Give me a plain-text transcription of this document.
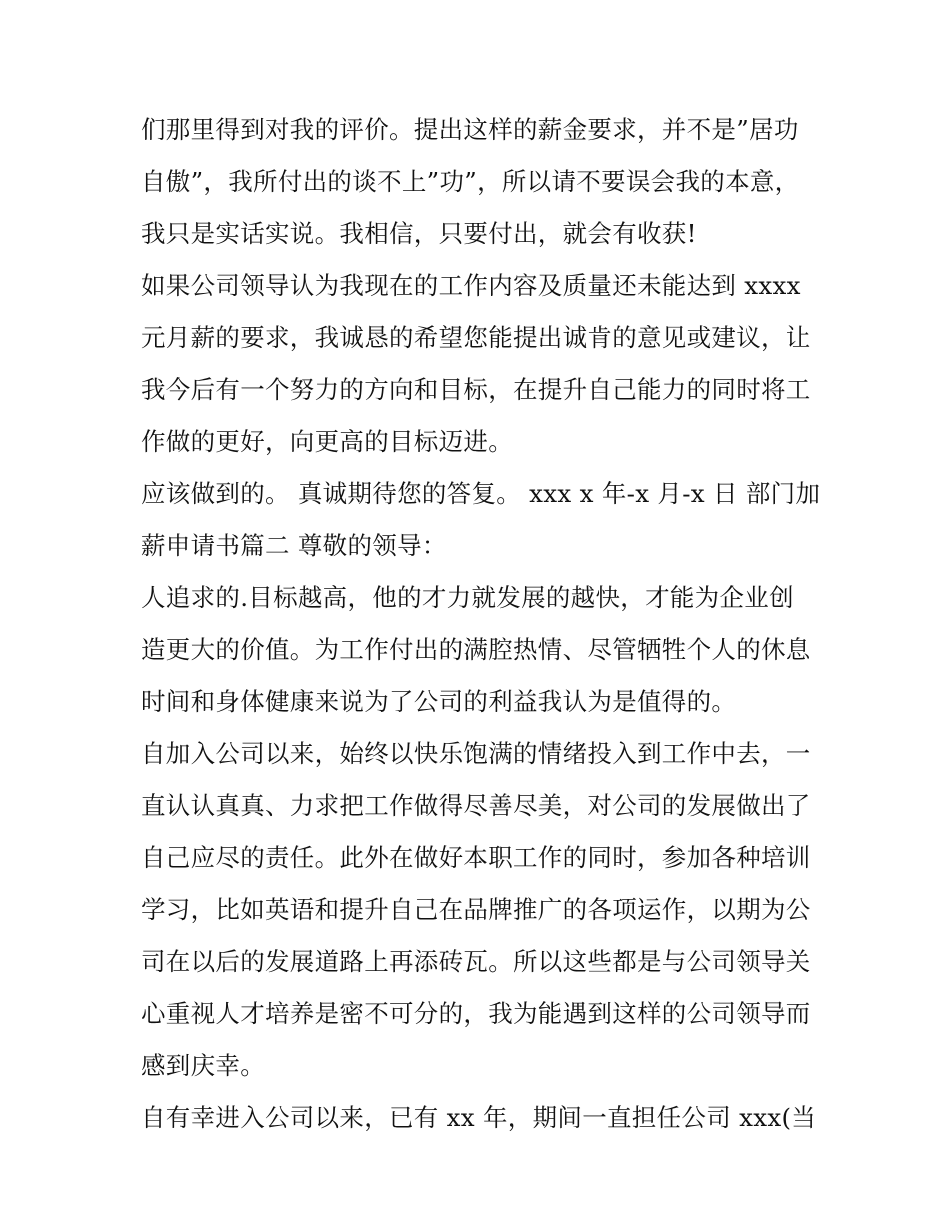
们那里得到对我的评价。提出这样的薪金要求，并不是”居功
自傲”，我所付出的谈不上”功”，所以请不要误会我的本意，
我只是实话实说。我相信，只要付出，就会有收获!
如果公司领导认为我现在的工作内容及质量还未能达到 xxxx
元月薪的要求，我诚恳的希望您能提出诚肯的意见或建议，让
我今后有一个努力的方向和目标，在提升自己能力的同时将工
作做的更好，向更高的目标迈进。
应该做到的。 真诚期待您的答复。 xxx x 年-x 月-x 日 部门加
薪申请书篇二 尊敬的领导：
人追求的.目标越高，他的才力就发展的越快，才能为企业创
造更大的价值。为工作付出的满腔热情、尽管牺牲个人的休息
时间和身体健康来说为了公司的利益我认为是值得的。
自加入公司以来，始终以快乐饱满的情绪投入到工作中去，一
直认认真真、力求把工作做得尽善尽美，对公司的发展做出了
自己应尽的责任。此外在做好本职工作的同时，参加各种培训
学习，比如英语和提升自己在品牌推广的各项运作，以期为公
司在以后的发展道路上再添砖瓦。所以这些都是与公司领导关
心重视人才培养是密不可分的，我为能遇到这样的公司领导而
感到庆幸。
自有幸进入公司以来，已有 xx 年，期间一直担任公司 xxx(当
